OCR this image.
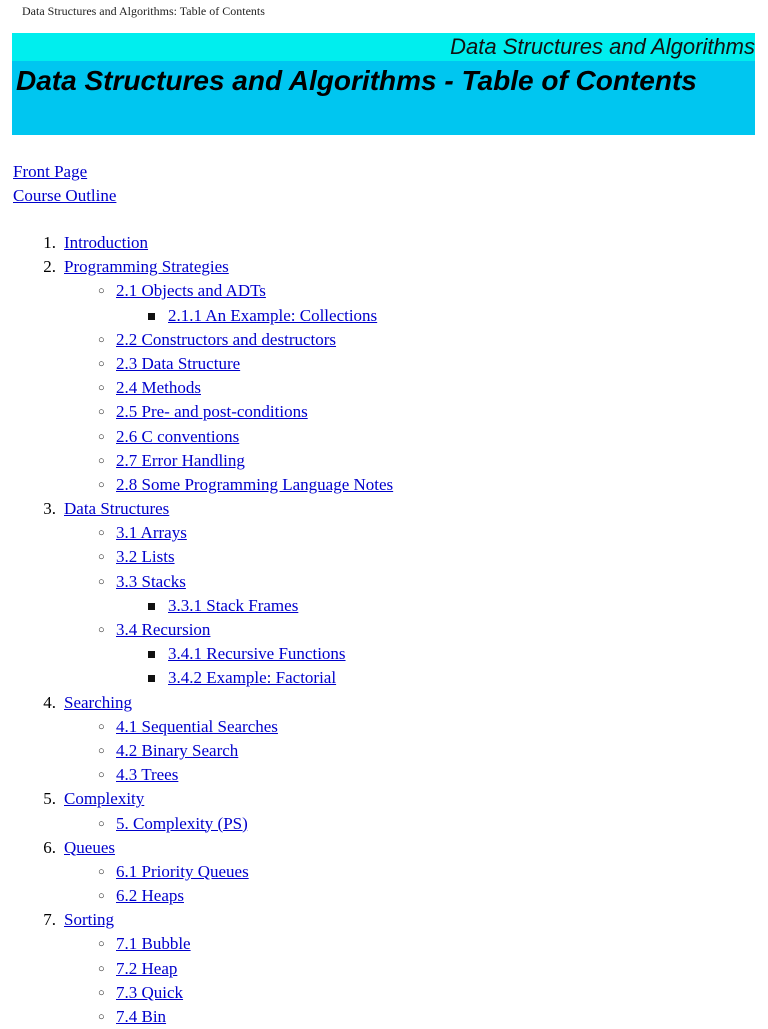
Data Structures and Algorithms: Table of Contents
Data Structures and Algorithms
Data Structures and Algorithms - Table of Contents
Front Page
Course Outline
1. Introduction
2. Programming Strategies
○ 2.1 Objects and ADTs
2.1.1 An Example: Collections
○ 2.2 Constructors and destructors
○ 2.3 Data Structure
○ 2.4 Methods
○ 2.5 Pre- and post-conditions
○ 2.6 C conventions
○ 2.7 Error Handling
○ 2.8 Some Programming Language Notes
3. Data Structures
○ 3.1 Arrays
○ 3.2 Lists
○ 3.3 Stacks
3.3.1 Stack Frames
○ 3.4 Recursion
3.4.1 Recursive Functions
3.4.2 Example: Factorial
4. Searching
○ 4.1 Sequential Searches
○ 4.2 Binary Search
○ 4.3 Trees
5. Complexity
○ 5. Complexity (PS)
6. Queues
○ 6.1 Priority Queues
○ 6.2 Heaps
7. Sorting
○ 7.1 Bubble
○ 7.2 Heap
○ 7.3 Quick
○ 7.4 Bin
